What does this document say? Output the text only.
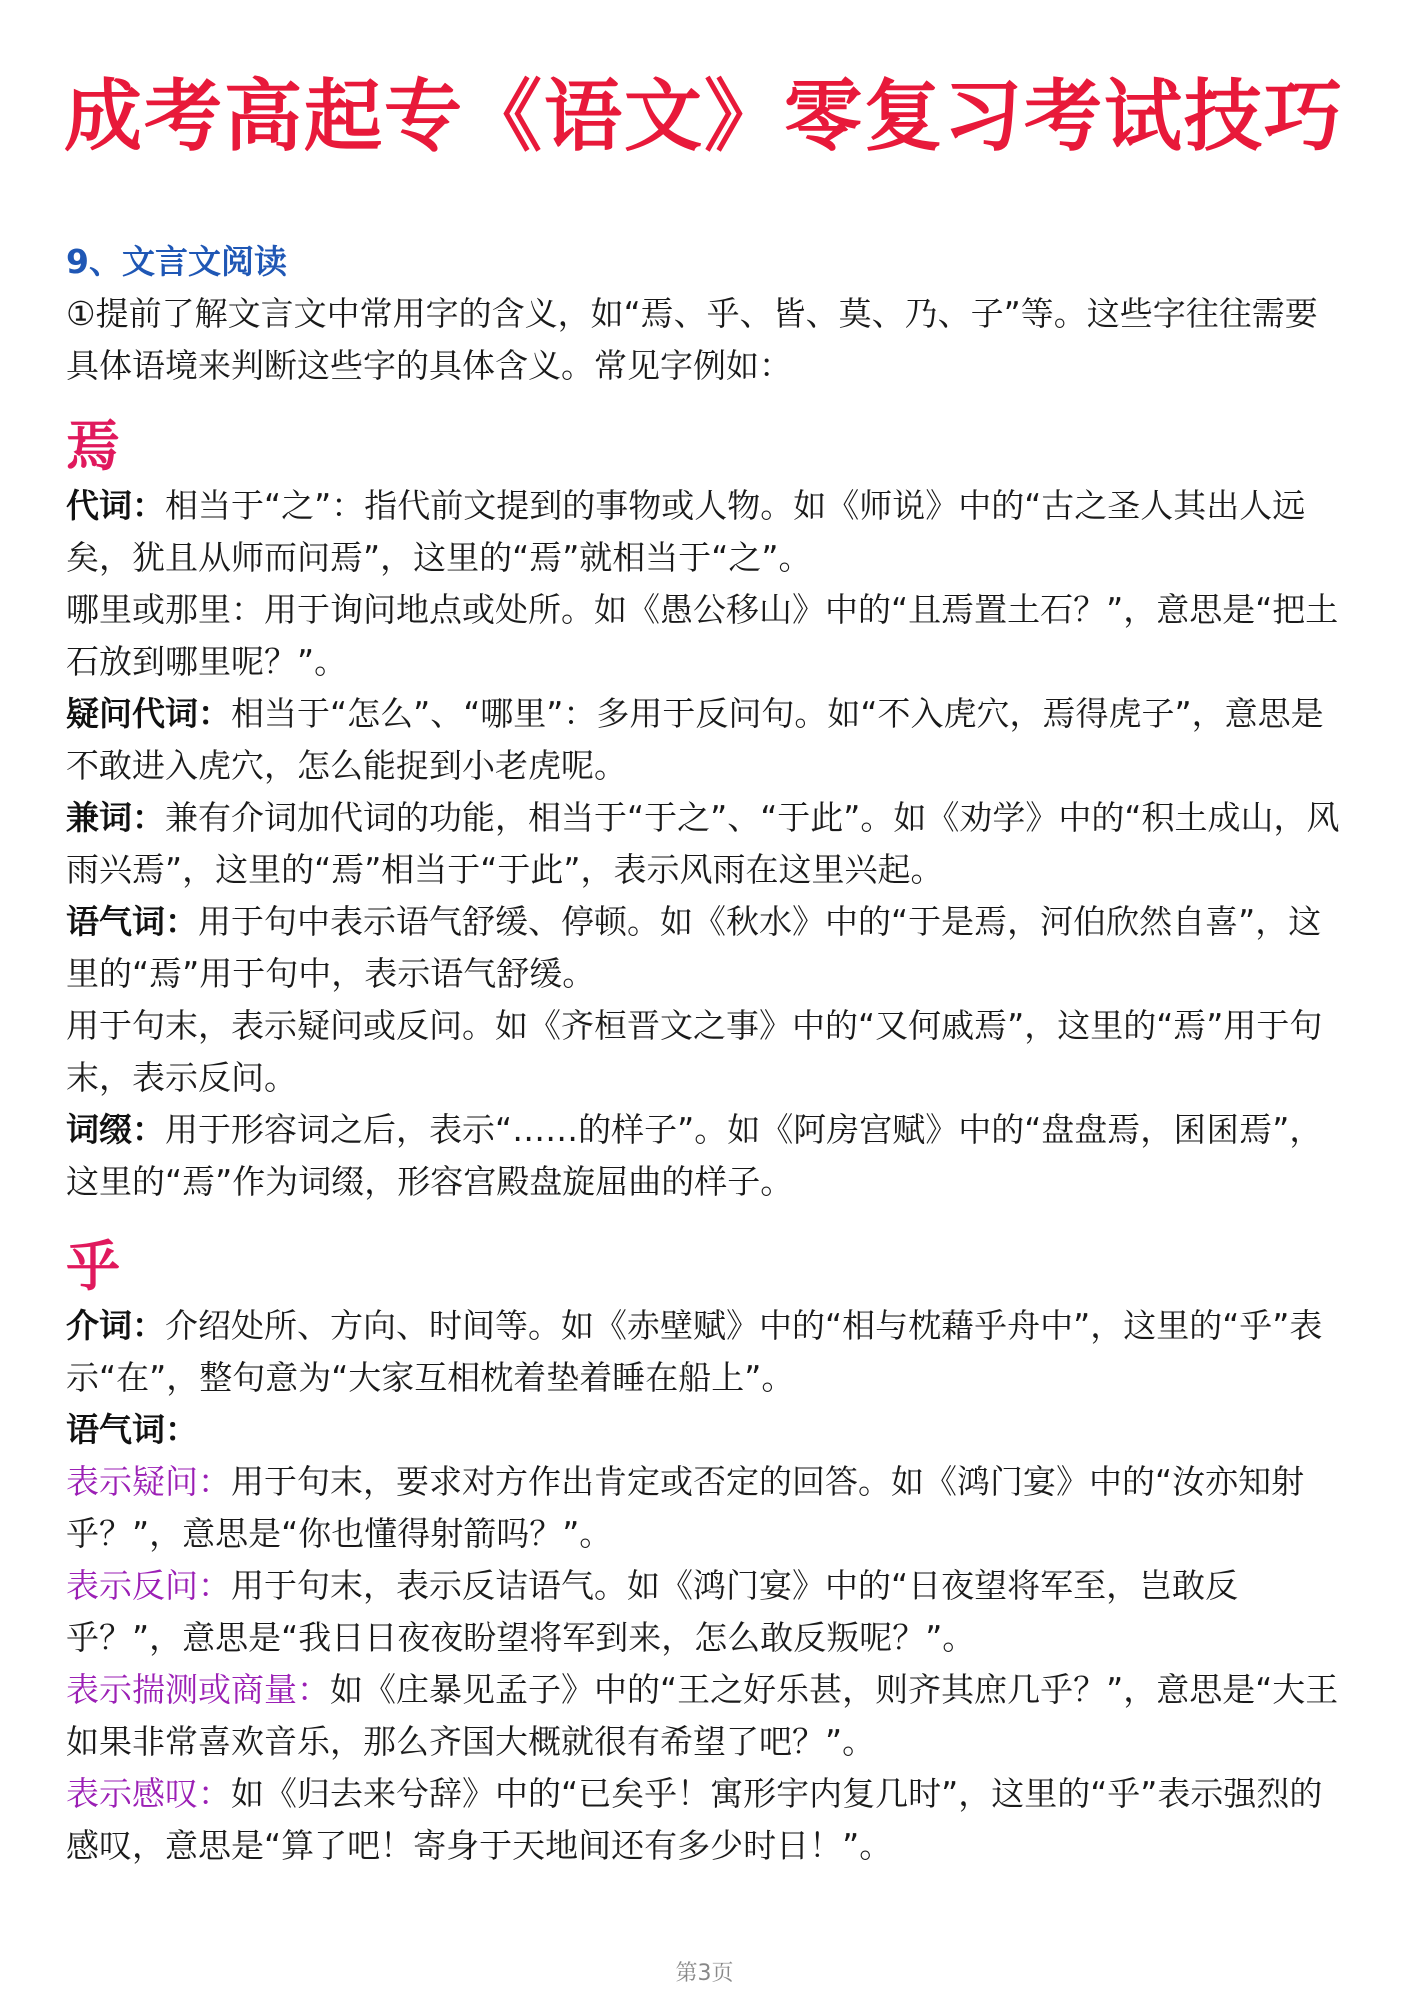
成考高起专《语文》零复习考试技巧

9、文言文阅读

①提前了解文言文中常用字的含义，如“焉、乎、皆、莫、乃、子”等。这些字往往需要具体语境来判断这些字的具体含义。常见字例如：

焉

代词：相当于“之”：指代前文提到的事物或人物。如《师说》中的“古之圣人其出人远矣，犹且从师而问焉”，这里的“焉”就相当于“之”。

哪里或那里：用于询问地点或处所。如《愚公移山》中的“且焉置土石？”，意思是“把土石放到哪里呢？”。

疑问代词：相当于“怎么”、“哪里”：多用于反问句。如“不入虎穴，焉得虎子”，意思是不敢进入虎穴，怎么能捉到小老虎呢。

兼词：兼有介词加代词的功能，相当于“于之”、“于此”。如《劝学》中的“积土成山，风雨兴焉”，这里的“焉”相当于“于此”，表示风雨在这里兴起。

语气词：用于句中表示语气舒缓、停顿。如《秋水》中的“于是焉，河伯欣然自喜”，这里的“焉”用于句中，表示语气舒缓。

用于句末，表示疑问或反问。如《齐桓晋文之事》中的“又何戚焉”，这里的“焉”用于句末，表示反问。

词缀：用于形容词之后，表示“……的样子”。如《阿房宫赋》中的“盘盘焉，囷囷焉”，这里的“焉”作为词缀，形容宫殿盘旋屈曲的样子。

乎

介词：介绍处所、方向、时间等。如《赤壁赋》中的“相与枕藉乎舟中”，这里的“乎”表示“在”，整句意为“大家互相枕着垫着睡在船上”。

语气词：

表示疑问：用于句末，要求对方作出肯定或否定的回答。如《鸿门宴》中的“汝亦知射乎？”，意思是“你也懂得射箭吗？”。

表示反问：用于句末，表示反诘语气。如《鸿门宴》中的“日夜望将军至，岂敢反乎？”，意思是“我日日夜夜盼望将军到来，怎么敢反叛呢？”。

表示揣测或商量：如《庄暴见孟子》中的“王之好乐甚，则齐其庶几乎？”，意思是“大王如果非常喜欢音乐，那么齐国大概就很有希望了吧？”。

表示感叹：如《归去来兮辞》中的“已矣乎！寓形宇内复几时”，这里的“乎”表示强烈的感叹，意思是“算了吧！寄身于天地间还有多少时日！”。

第3页
